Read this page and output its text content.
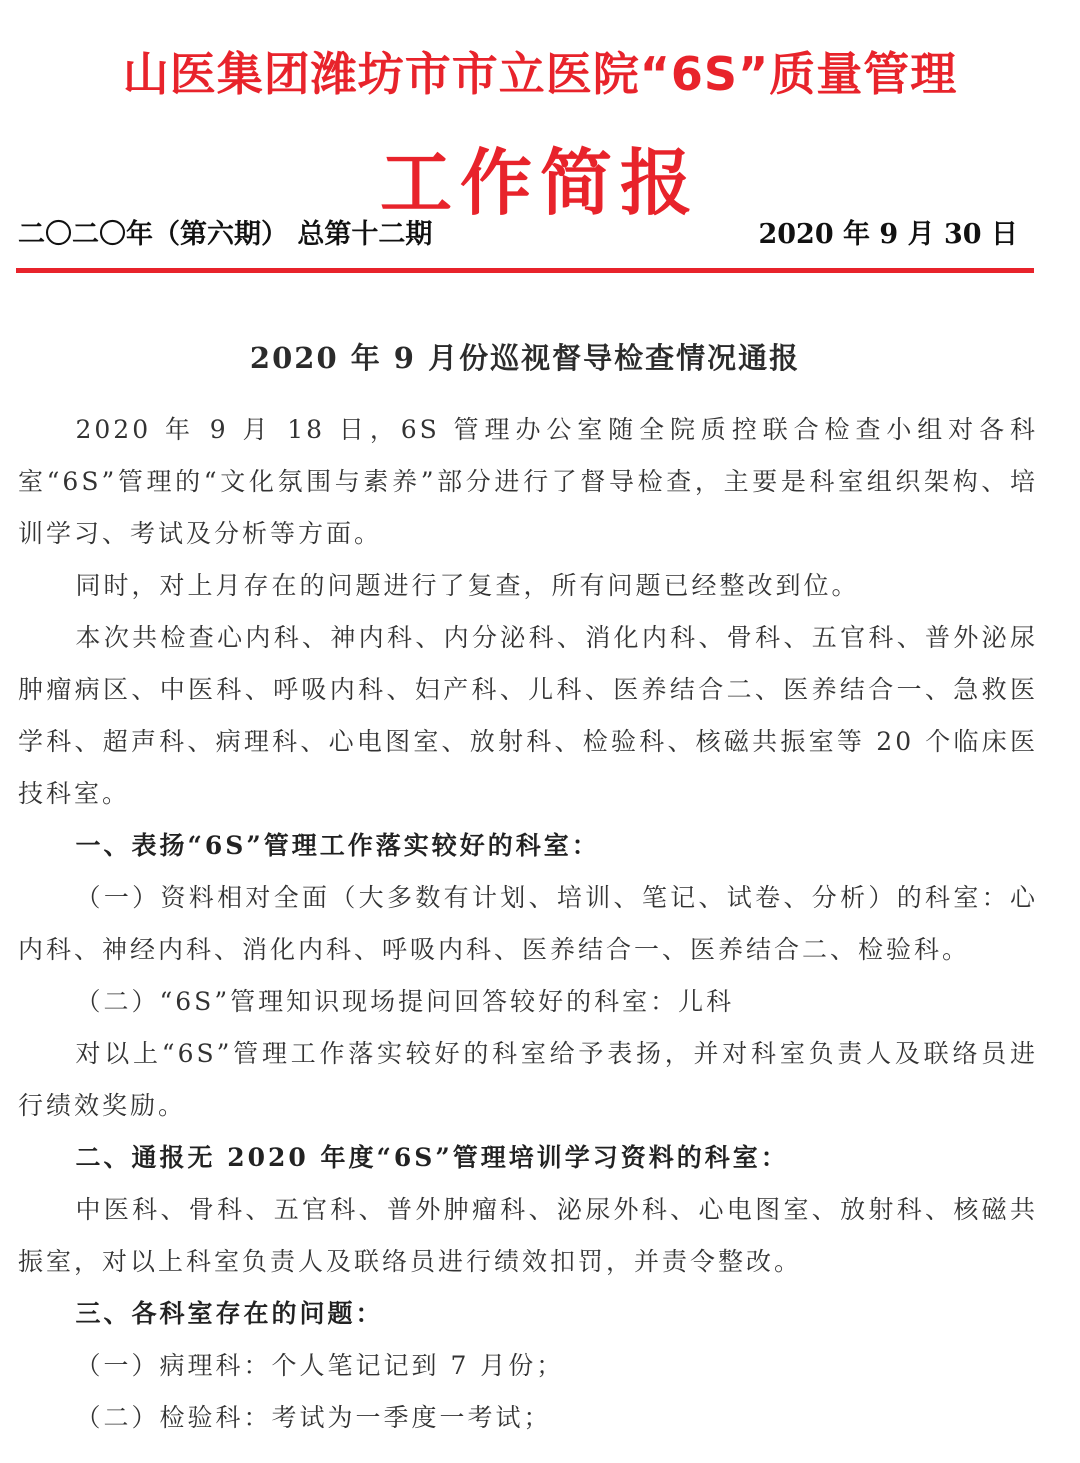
山医集团潍坊市市立医院“6S”质量管理
工作简报
二〇二〇年（第六期） 总第十二期	2020 年 9 月 30 日
2020 年 9 月份巡视督导检查情况通报

2020 年 9 月 18 日，6S 管理办公室随全院质控联合检查小组对各科室“6S”管理的“文化氛围与素养”部分进行了督导检查，主要是科室组织架构、培训学习、考试及分析等方面。

同时，对上月存在的问题进行了复查，所有问题已经整改到位。

本次共检查心内科、神内科、内分泌科、消化内科、骨科、五官科、普外泌尿肿瘤病区、中医科、呼吸内科、妇产科、儿科、医养结合二、医养结合一、急救医学科、超声科、病理科、心电图室、放射科、检验科、核磁共振室等 20 个临床医技科室。

一、表扬“6S”管理工作落实较好的科室：

（一）资料相对全面（大多数有计划、培训、笔记、试卷、分析）的科室：心内科、神经内科、消化内科、呼吸内科、医养结合一、医养结合二、检验科。

（二）“6S”管理知识现场提问回答较好的科室：儿科

对以上“6S”管理工作落实较好的科室给予表扬，并对科室负责人及联络员进行绩效奖励。

二、通报无 2020 年度“6S”管理培训学习资料的科室：

中医科、骨科、五官科、普外肿瘤科、泌尿外科、心电图室、放射科、核磁共振室，对以上科室负责人及联络员进行绩效扣罚，并责令整改。

三、各科室存在的问题：

（一）病理科：个人笔记记到 7 月份；

（二）检验科：考试为一季度一考试；
